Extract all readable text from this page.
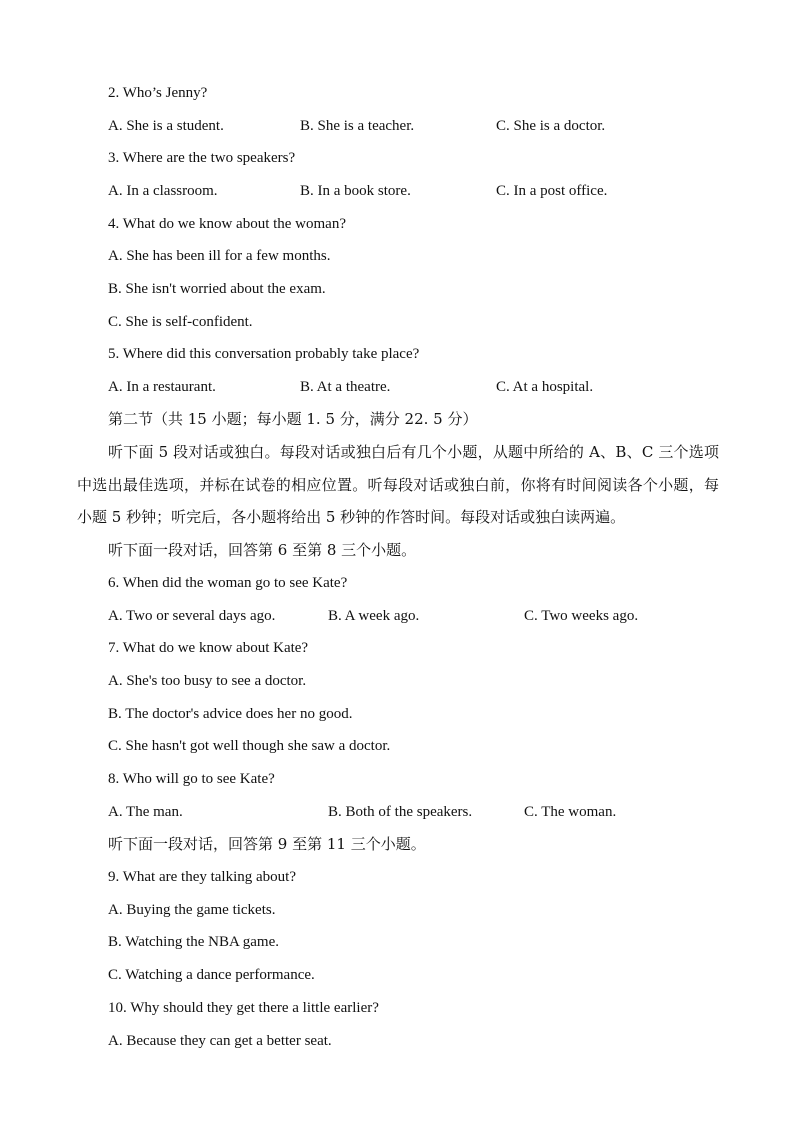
2. Who’s Jenny?
A. She is a student.	B. She is a teacher.	C. She is a doctor.
3. Where are the two speakers?
A. In a classroom.	B. In a book store.	C. In a post office.
4. What do we know about the woman?
A. She has been ill for a few months.
B. She isn't worried about the exam.
C. She is self-confident.
5. Where did this conversation probably take place?
A. In a restaurant.	B. At a theatre.	C. At a hospital.
第二节（共 15 小题；每小题 1. 5 分，满分 22. 5 分）
听下面 5 段对话或独白。每段对话或独白后有几个小题，从题中所给的 A、B、C 三个选项中选出最佳选项，并标在试卷的相应位置。听每段对话或独白前，你将有时间阅读各个小题，每小题 5 秒钟；听完后，各小题将给出 5 秒钟的作答时间。每段对话或独白读两遍。
听下面一段对话，回答第 6 至第 8 三个小题。
6. When did the woman go to see Kate?
A. Two or several days ago.	B. A week ago.	C. Two weeks ago.
7. What do we know about Kate?
A. She's too busy to see a doctor.
B. The doctor's advice does her no good.
C. She hasn't got well though she saw a doctor.
8. Who will go to see Kate?
A. The man.	B. Both of the speakers.	C. The woman.
听下面一段对话，回答第 9 至第 11 三个小题。
9. What are they talking about?
A. Buying the game tickets.
B. Watching the NBA game.
C. Watching a dance performance.
10. Why should they get there a little earlier?
A. Because they can get a better seat.
